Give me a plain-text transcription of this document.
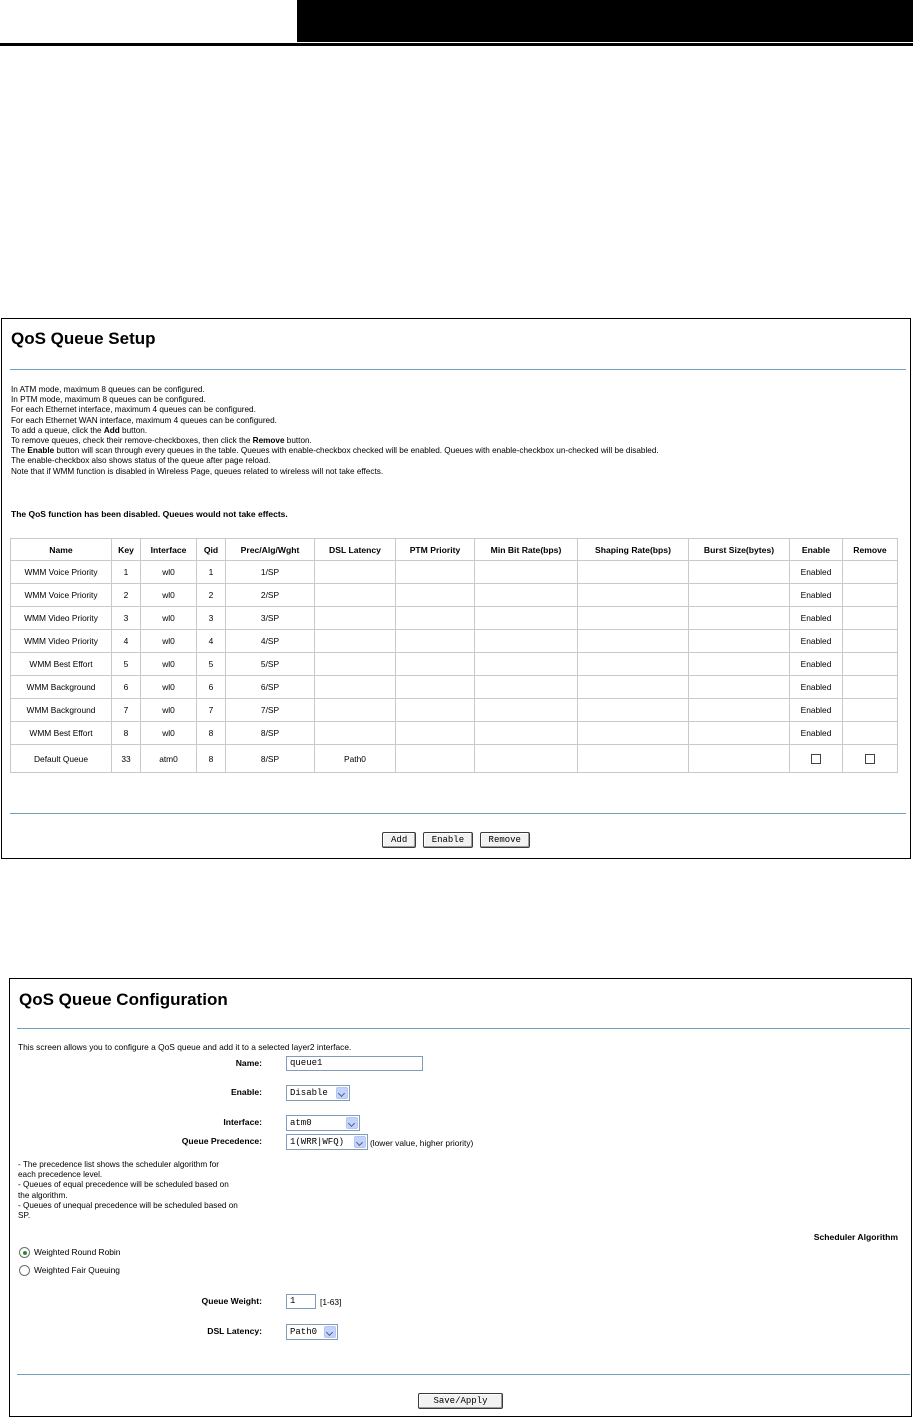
QoS Queue Setup
In ATM mode, maximum 8 queues can be configured.
In PTM mode, maximum 8 queues can be configured.
For each Ethernet interface, maximum 4 queues can be configured.
For each Ethernet WAN interface, maximum 4 queues can be configured.
To add a queue, click the Add button.
To remove queues, check their remove-checkboxes, then click the Remove button.
The Enable button will scan through every queues in the table. Queues with enable-checkbox checked will be enabled. Queues with enable-checkbox un-checked will be disabled.
The enable-checkbox also shows status of the queue after page reload.
Note that if WMM function is disabled in Wireless Page, queues related to wireless will not take effects.
The QoS function has been disabled. Queues would not take effects.
Name	Key	Interface	Qid	Prec/Alg/Wght	DSL Latency	PTM Priority	Min Bit Rate(bps)	Shaping Rate(bps)	Burst Size(bytes)	Enable	Remove
WMM Voice Priority	1	wl0	1	1/SP						Enabled	
WMM Voice Priority	2	wl0	2	2/SP						Enabled	
WMM Video Priority	3	wl0	3	3/SP						Enabled	
WMM Video Priority	4	wl0	4	4/SP						Enabled	
WMM Best Effort	5	wl0	5	5/SP						Enabled	
WMM Background	6	wl0	6	6/SP						Enabled	
WMM Background	7	wl0	7	7/SP						Enabled	
WMM Best Effort	8	wl0	8	8/SP						Enabled	
Default Queue	33	atm0	8	8/SP	Path0						
Add	Enable	Remove
QoS Queue Configuration
This screen allows you to configure a QoS queue and add it to a selected layer2 interface.
Name:	queue1
Enable:	Disable
Interface:	atm0
Queue Precedence:	1(WRR|WFQ)	(lower value, higher priority)
- The precedence list shows the scheduler algorithm for
each precedence level.
- Queues of equal precedence will be scheduled based on
the algorithm.
- Queues of unequal precedence will be scheduled based on
SP.
Scheduler Algorithm
Weighted Round Robin
Weighted Fair Queuing
Queue Weight:	1	[1-63]
DSL Latency:	Path0
Save/Apply
